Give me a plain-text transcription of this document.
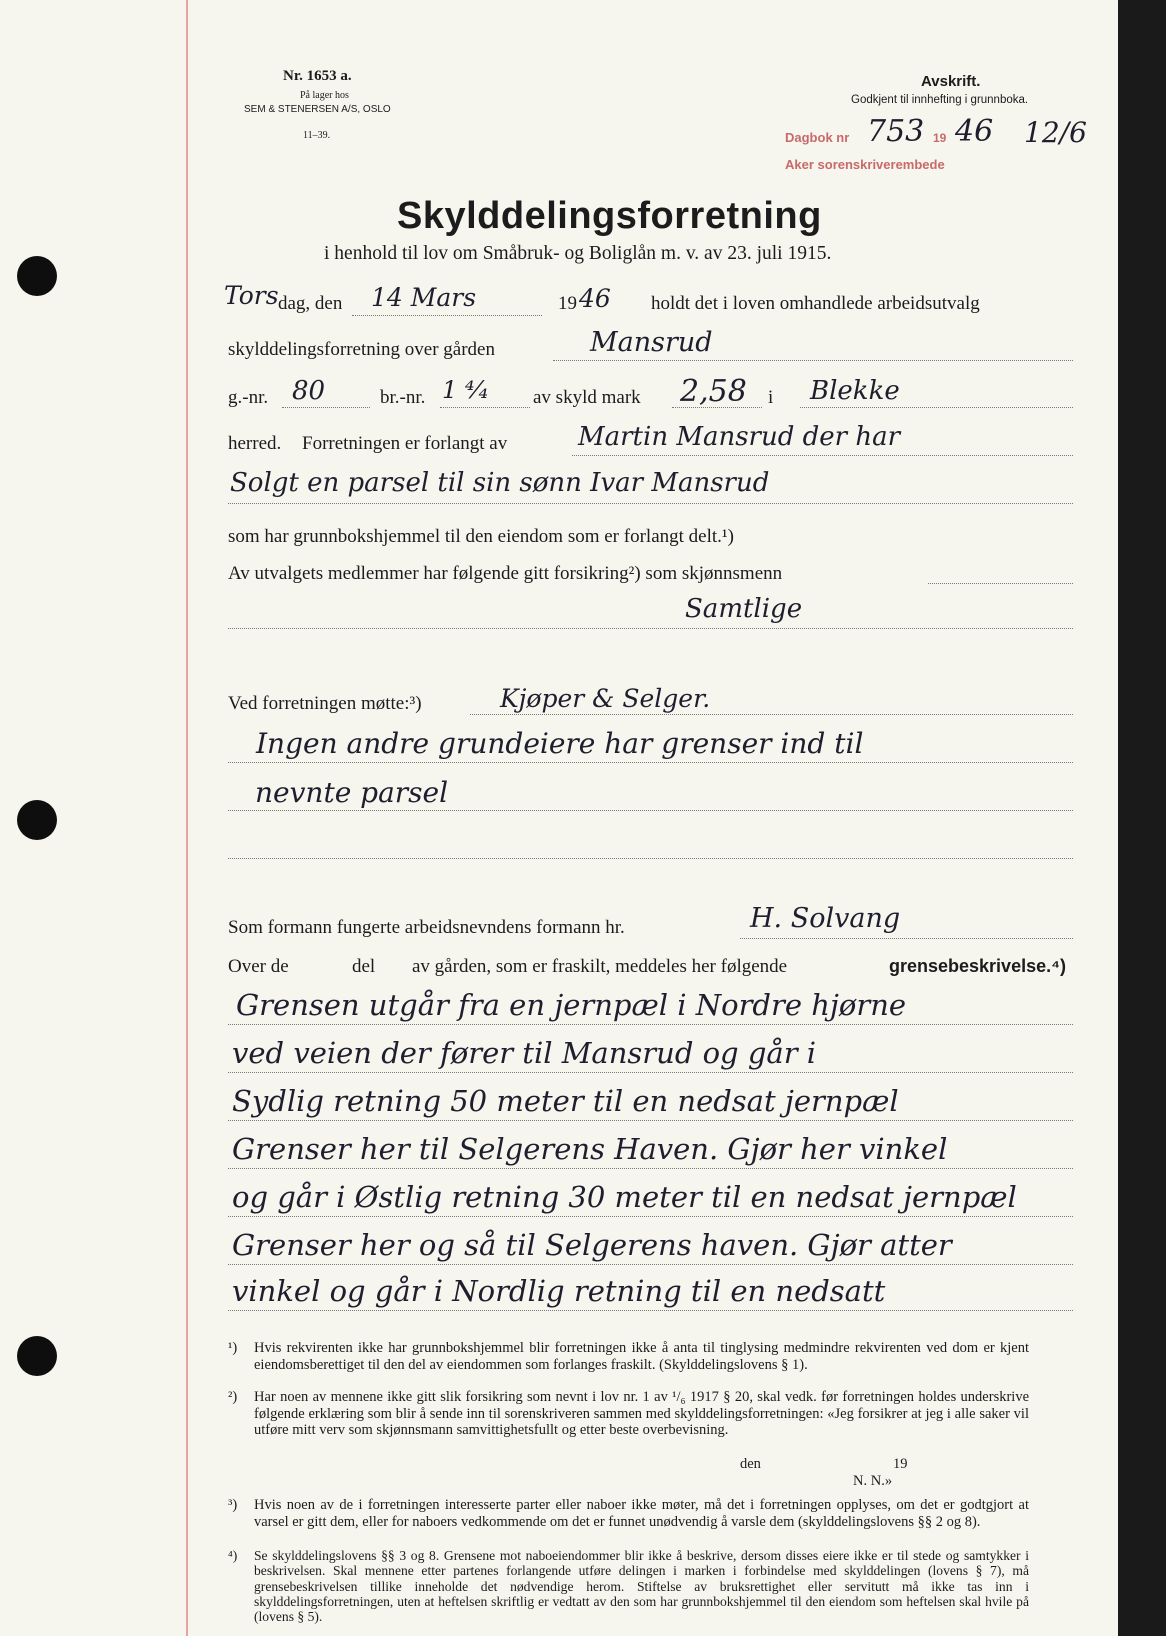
Nr. 1653 a.
På lager hos
SEM & STENERSEN A/S, OSLO
11–39.
Avskrift.
Godkjent til innhefting i grunnboka.
Dagbok nr 753 19 46 12/6
Aker sorenskriverembede
Skylddelingsforretning
i henhold til lov om Småbruk- og Boliglån m. v. av 23. juli 1915.
Tors dag, den 14 Mars	19 46 holdt det i loven omhandlede arbeidsutvalg
skylddelingsforretning over gården	Mansrud
g.-nr. 80	br.-nr. 1 ⁴⁄₄ av skyld mark 2,58 i Blekke
herred. Forretningen er forlangt av	Martin Mansrud der har
Solgt en parsel til sin sønn Ivar Mansrud
som har grunnbokshjemmel til den eiendom som er forlangt delt.¹)
Av utvalgets medlemmer har følgende gitt forsikring²) som skjønnsmenn
Samtlige
Ved forretningen møtte:³)	Kjøper & Selger.
Ingen andre grundeiere har grenser ind til
nevnte parsel
Som formann fungerte arbeidsnevndens formann hr.	H. Solvang
Over de	del av gården, som er fraskilt, meddeles her følgende	grensebeskrivelse.⁴)
Grensen utgår fra en jernpæl i Nordre hjørne
ved veien der fører til Mansrud og går i
Sydlig retning 50 meter til en nedsat jernpæl
Grenser her til Selgerens Haven. Gjør her vinkel
og går i Østlig retning 30 meter til en nedsat jernpæl
Grenser her og så til Selgerens haven. Gjør atter
vinkel og går i Nordlig retning til en nedsatt
¹) Hvis rekvirenten ikke har grunnbokshjemmel blir forretningen ikke å anta til tinglysing medmindre rekvirenten ved dom er kjent eiendomsberettiget til den del av eiendommen som forlanges fraskilt. (Skylddelingslovens § 1).
²) Har noen av mennene ikke gitt slik forsikring som nevnt i lov nr. 1 av ¹/₆ 1917 § 20, skal vedk. før forretningen holdes underskrive følgende erklæring som blir å sende inn til sorenskriveren sammen med skylddelingsforretningen: «Jeg forsikrer at jeg i alle saker vil utføre mitt verv som skjønnsmann samvittighetsfullt og etter beste overbevisning.
den	19
N. N.»
³) Hvis noen av de i forretningen interesserte parter eller naboer ikke møter, må det i forretningen opplyses, om det er godtgjort at varsel er gitt dem, eller for naboers vedkommende om det er funnet unødvendig å varsle dem (skylddelingslovens §§ 2 og 8).
⁴) Se skylddelingslovens §§ 3 og 8. Grensene mot naboeiendommer blir ikke å beskrive, dersom disses eiere ikke er til stede og samtykker i beskrivelsen. Skal mennene etter partenes forlangende utføre delingen i marken i forbindelse med skylddelingen (lovens § 7), må grensebeskrivelsen tillike inneholde det nødvendige herom. Stiftelse av bruksrettighet eller servitutt må ikke tas inn i skylddelingsforretningen, uten at heftelsen skriftlig er vedtatt av den som har grunnbokshjemmel til den eiendom som heftelsen skal hvile på (lovens § 5).
